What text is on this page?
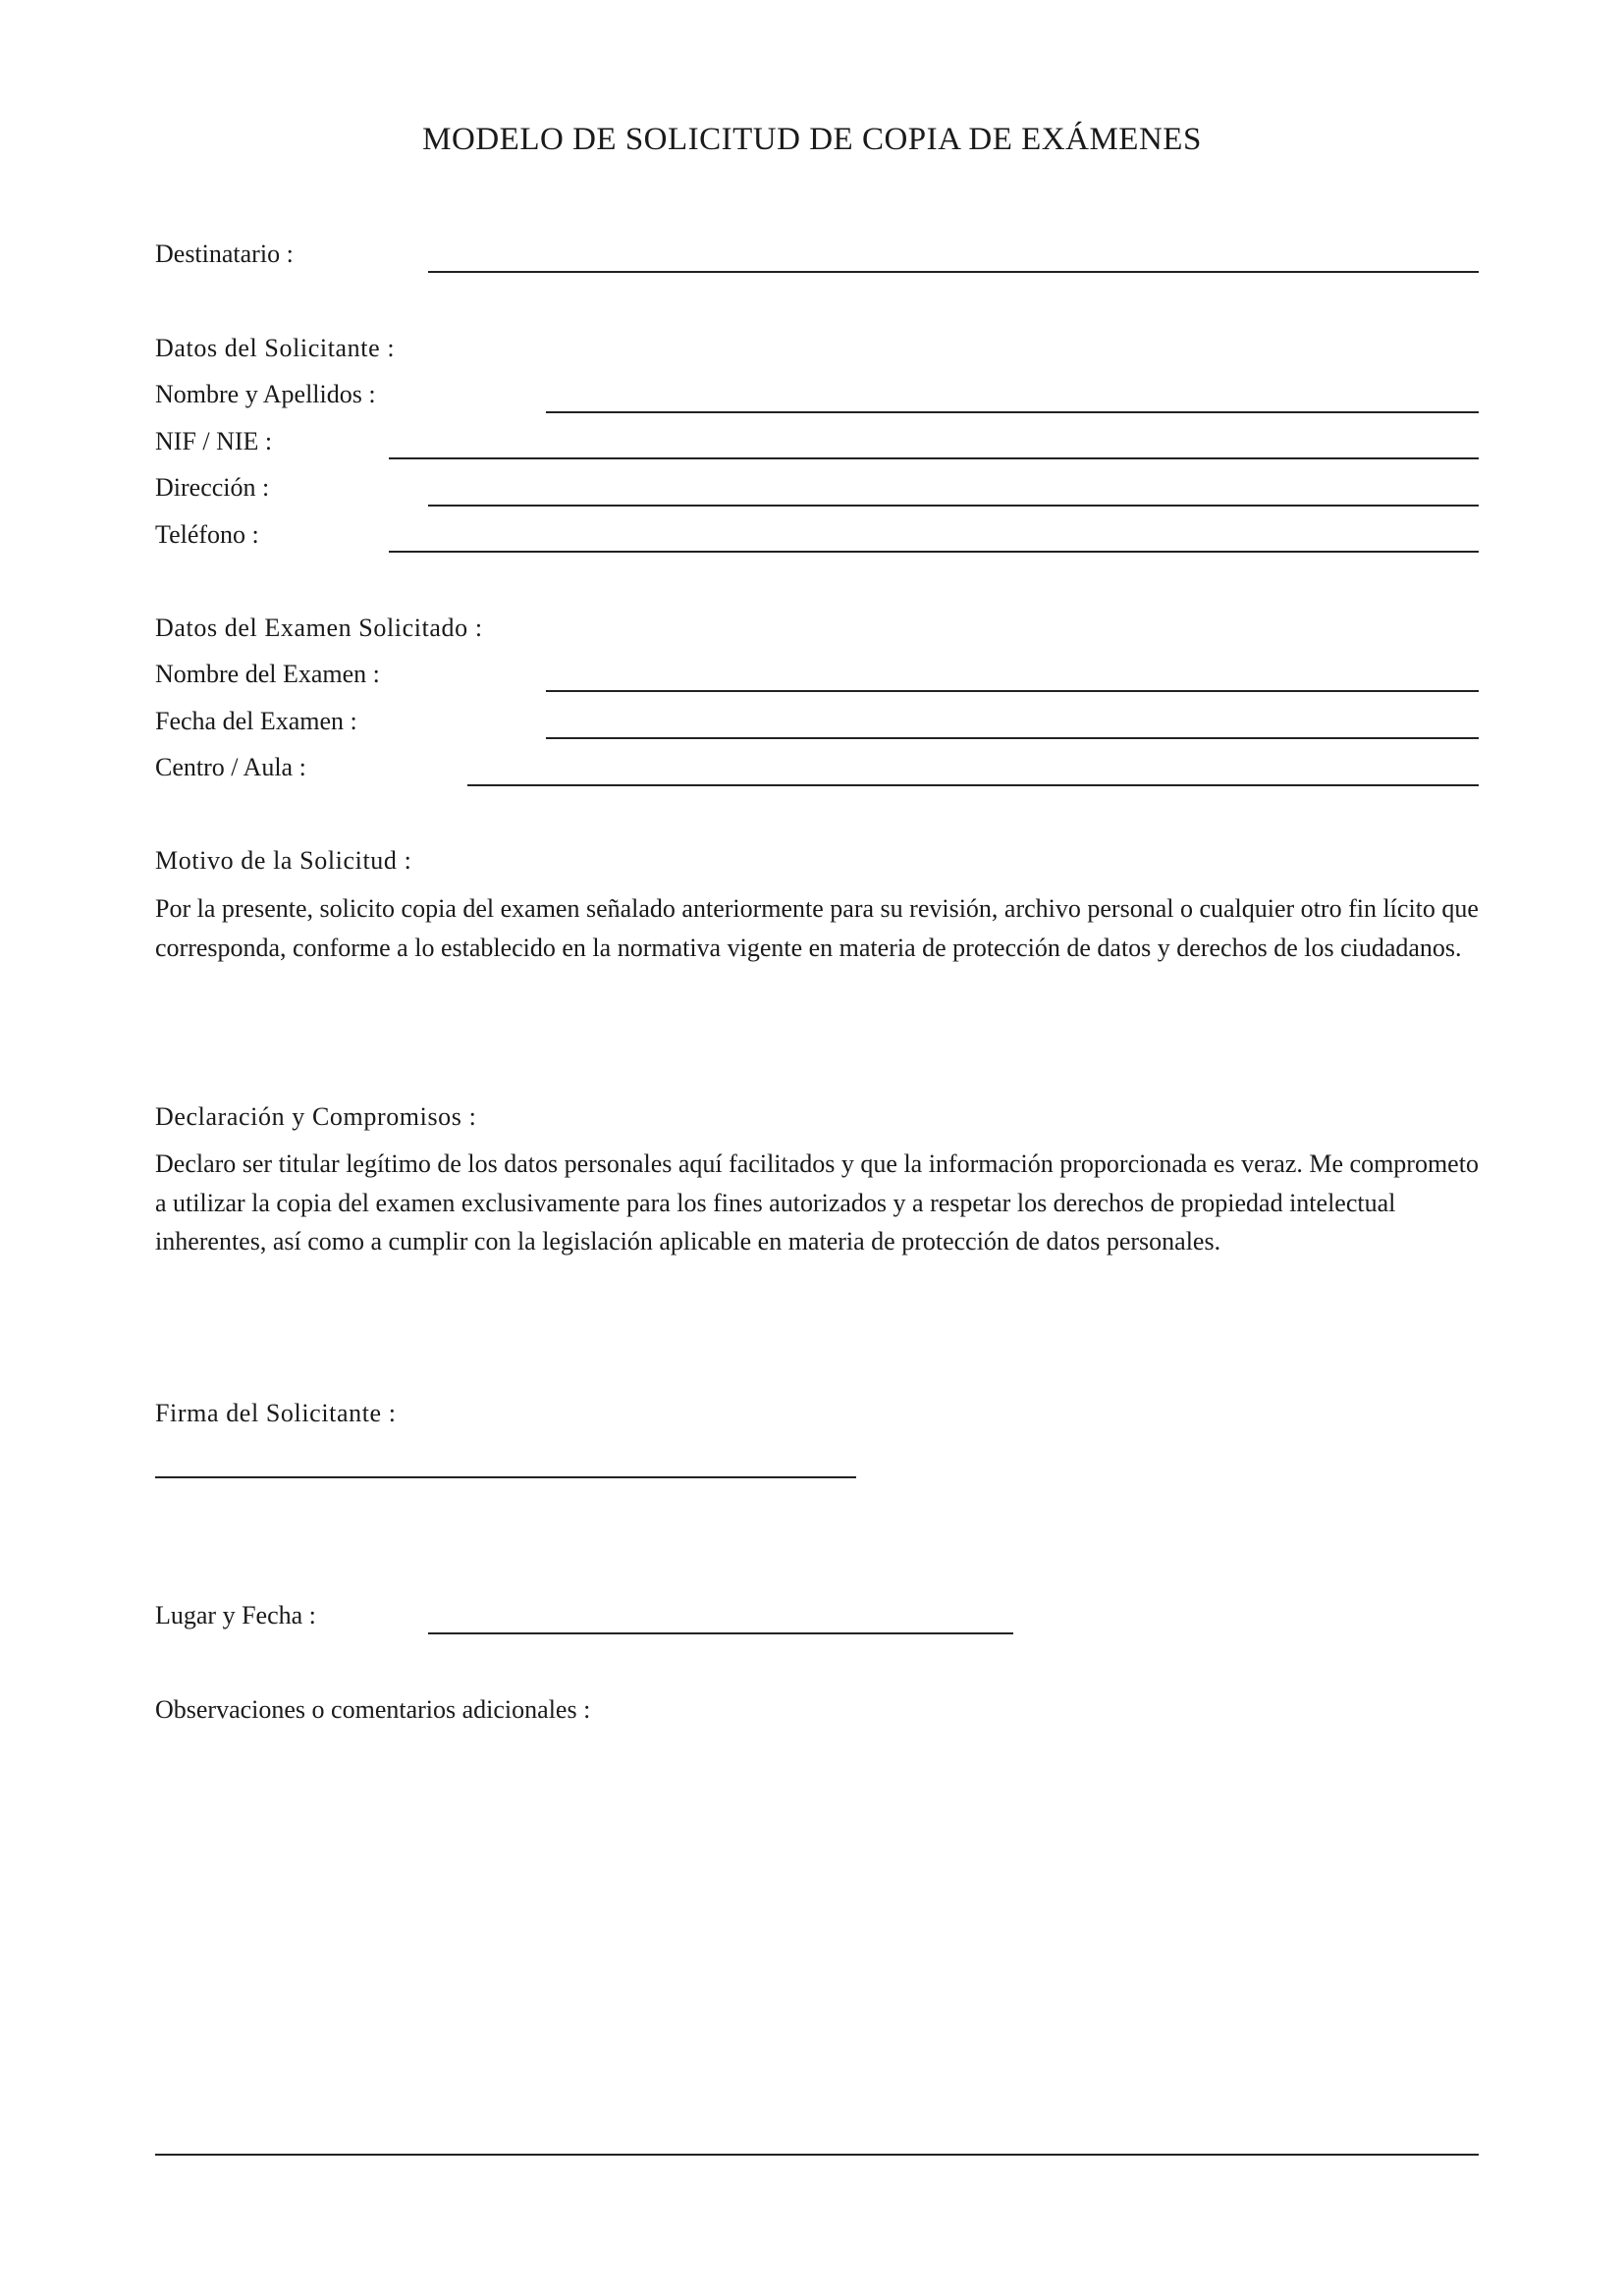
MODELO DE SOLICITUD DE COPIA DE EXÁMENES
Destinatario :
Datos del Solicitante :
Nombre y Apellidos :
NIF / NIE :
Dirección :
Teléfono :
Datos del Examen Solicitado :
Nombre del Examen :
Fecha del Examen :
Centro / Aula :
Motivo de la Solicitud :
Por la presente, solicito copia del examen señalado anteriormente para su revisión, archivo personal o cualquier otro fin lícito que corresponda, conforme a lo establecido en la normativa vigente en materia de protección de datos y derechos de los ciudadanos.
Declaración y Compromisos :
Declaro ser titular legítimo de los datos personales aquí facilitados y que la información proporcionada es veraz. Me comprometo a utilizar la copia del examen exclusivamente para los fines autorizados y a respetar los derechos de propiedad intelectual inherentes, así como a cumplir con la legislación aplicable en materia de protección de datos personales.
Firma del Solicitante :
Lugar y Fecha :
Observaciones o comentarios adicionales :
